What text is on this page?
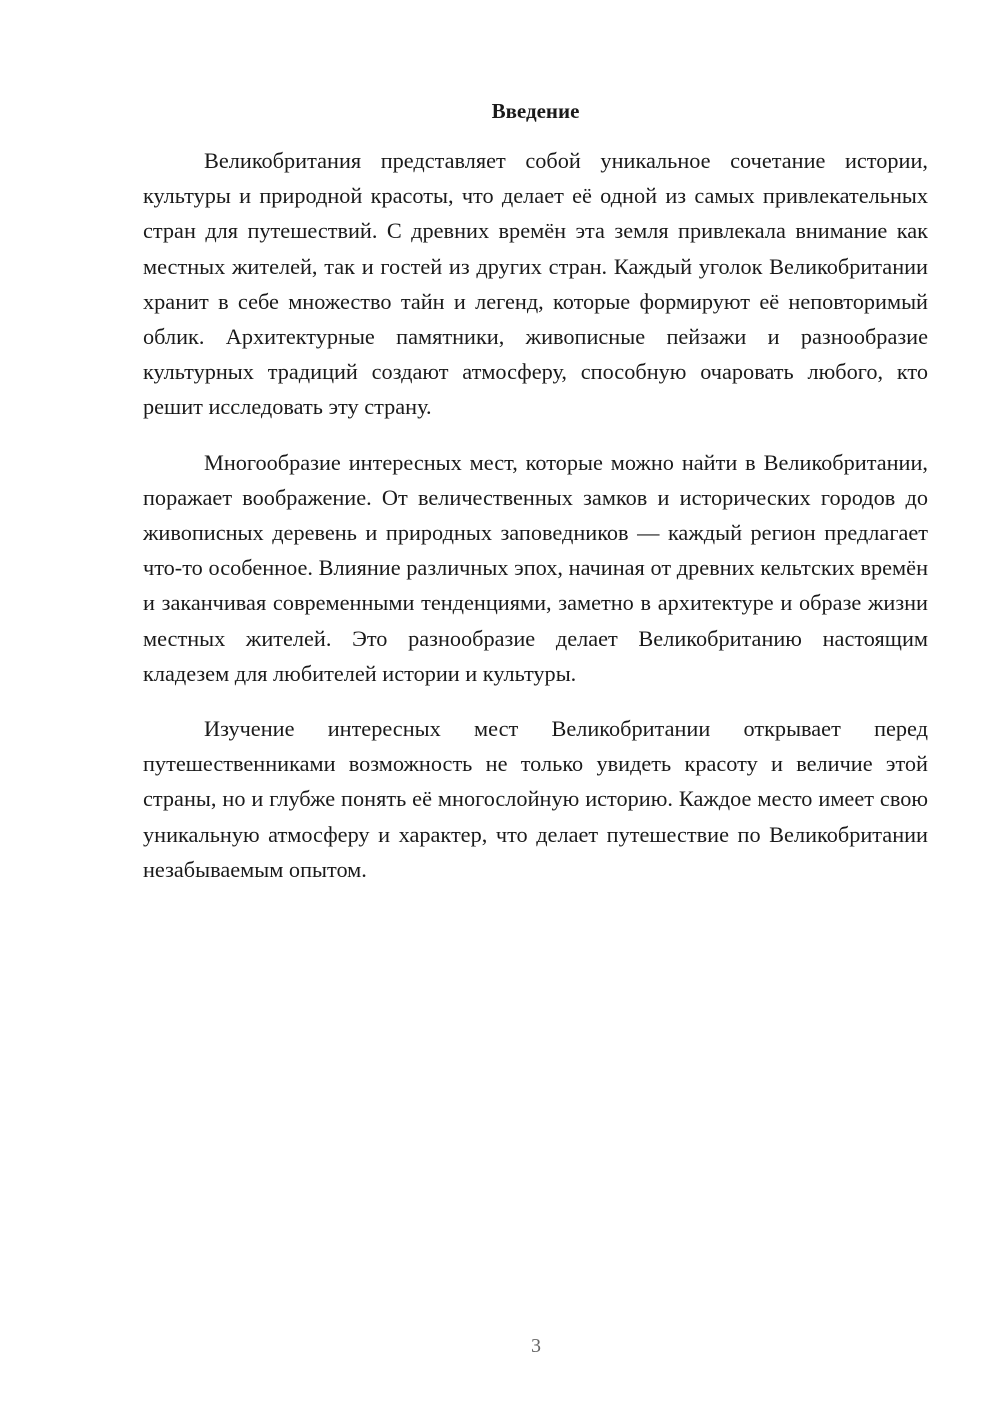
Введение

Великобритания представляет собой уникальное сочетание истории, культуры и природной красоты, что делает её одной из самых привлекательных стран для путешествий. С древних времён эта земля привлекала внимание как местных жителей, так и гостей из других стран. Каждый уголок Великобритании хранит в себе множество тайн и легенд, которые формируют её неповторимый облик. Архитектурные памятники, живописные пейзажи и разнообразие культурных традиций создают атмосферу, способную очаровать любого, кто решит исследовать эту страну.

Многообразие интересных мест, которые можно найти в Великобритании, поражает воображение. От величественных замков и исторических городов до живописных деревень и природных заповедников — каждый регион предлагает что-то особенное. Влияние различных эпох, начиная от древних кельтских времён и заканчивая современными тенденциями, заметно в архитектуре и образе жизни местных жителей. Это разнообразие делает Великобританию настоящим кладезем для любителей истории и культуры.

Изучение интересных мест Великобритании открывает перед путешественниками возможность не только увидеть красоту и величие этой страны, но и глубже понять её многослойную историю. Каждое место имеет свою уникальную атмосферу и характер, что делает путешествие по Великобритании незабываемым опытом.

3
